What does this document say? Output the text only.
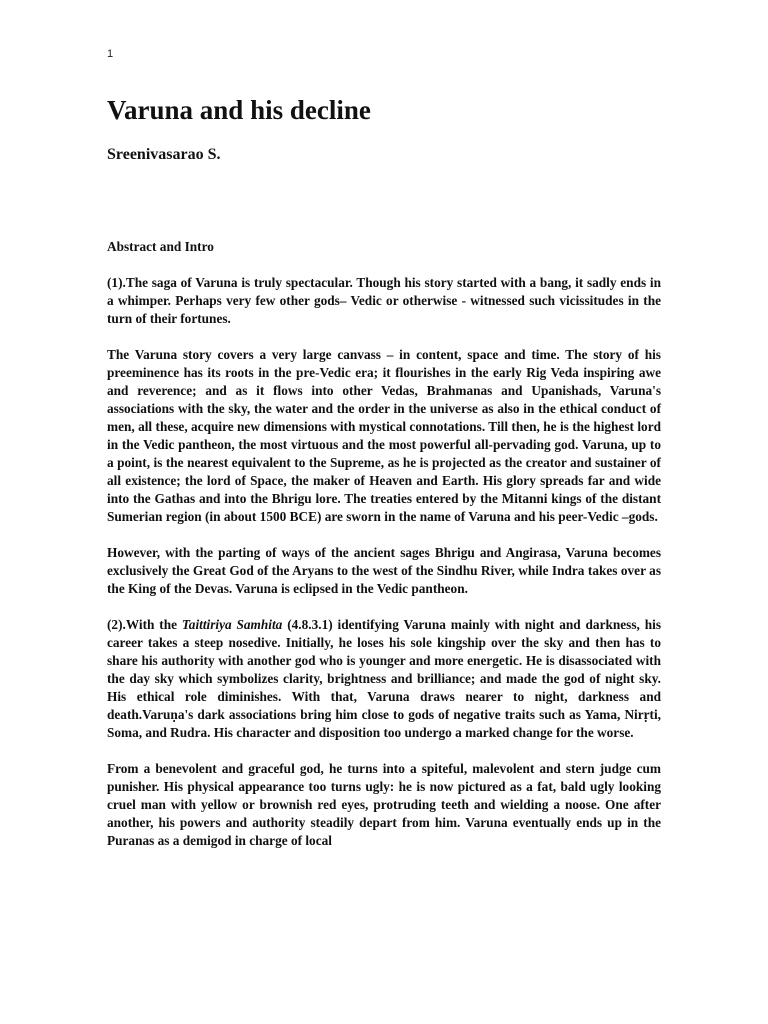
1
Varuna and his decline
Sreenivasarao S.

Abstract and Intro

(1).The saga of Varuna is truly spectacular. Though his story started with a bang, it sadly ends in a whimper. Perhaps very few other gods– Vedic or otherwise - witnessed such vicissitudes in the turn of their fortunes.

The Varuna story covers a very large canvass – in content, space and time. The story of his preeminence has its roots in the pre-Vedic era; it flourishes in the early Rig Veda inspiring awe and reverence; and as it flows into other Vedas, Brahmanas and Upanishads, Varuna's associations with the sky, the water and the order in the universe as also in the ethical conduct of men, all these, acquire new dimensions with mystical connotations. Till then, he is the highest lord in the Vedic pantheon, the most virtuous and the most powerful all-pervading god. Varuna, up to a point, is the nearest equivalent to the Supreme, as he is projected as the creator and sustainer of all existence; the lord of Space, the maker of Heaven and Earth. His glory spreads far and wide into the Gathas and into the Bhrigu lore. The treaties entered by the Mitanni kings of the distant Sumerian region (in about 1500 BCE) are sworn in the name of Varuna and his peer-Vedic –gods.

However, with the parting of ways of the ancient sages Bhrigu and Angirasa, Varuna becomes exclusively the Great God of the Aryans to the west of the Sindhu River, while Indra takes over as the King of the Devas. Varuna is eclipsed in the Vedic pantheon.

(2).With the Taittiriya Samhita (4.8.3.1) identifying Varuna mainly with night and darkness, his career takes a steep nosedive. Initially, he loses his sole kingship over the sky and then has to share his authority with another god who is younger and more energetic. He is disassociated with the day sky which symbolizes clarity, brightness and brilliance; and made the god of night sky. His ethical role diminishes. With that, Varuna draws nearer to night, darkness and death.Varuṇa's dark associations bring him close to gods of negative traits such as Yama, Nirṛti, Soma, and Rudra. His character and disposition too undergo a marked change for the worse.

From a benevolent and graceful god, he turns into a spiteful, malevolent and stern judge cum punisher. His physical appearance too turns ugly: he is now pictured as a fat, bald ugly looking cruel man with yellow or brownish red eyes, protruding teeth and wielding a noose. One after another, his powers and authority steadily depart from him. Varuna eventually ends up in the Puranas as a demigod in charge of local
